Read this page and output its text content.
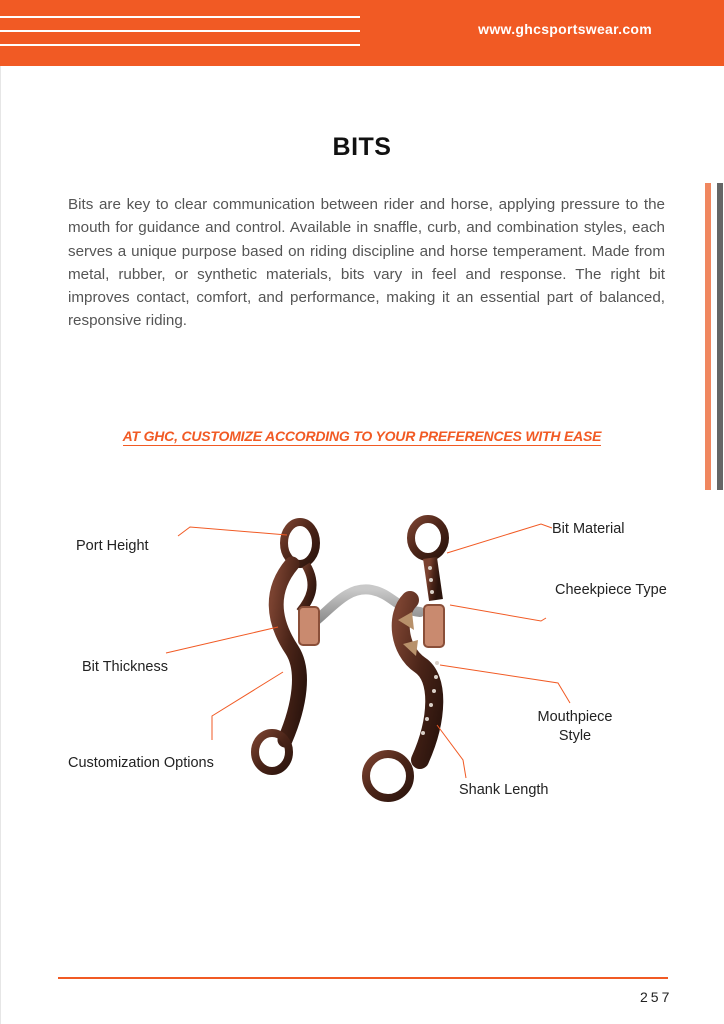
www.ghcsportswear.com
BITS

Bits are key to clear communication between rider and horse, applying pressure to the mouth for guidance and control. Available in snaffle, curb, and combination styles, each serves a unique purpose based on riding discipline and horse temperament. Made from metal, rubber, or synthetic materials, bits vary in feel and response. The right bit improves contact, comfort, and performance, making it an essential part of balanced, responsive riding.

AT GHC, CUSTOMIZE ACCORDING TO YOUR PREFERENCES WITH EASE
Port Height
Bit Thickness
Customization Options
Bit Material
Cheekpiece Type
Mouthpiece
Style
Shank Length
257
